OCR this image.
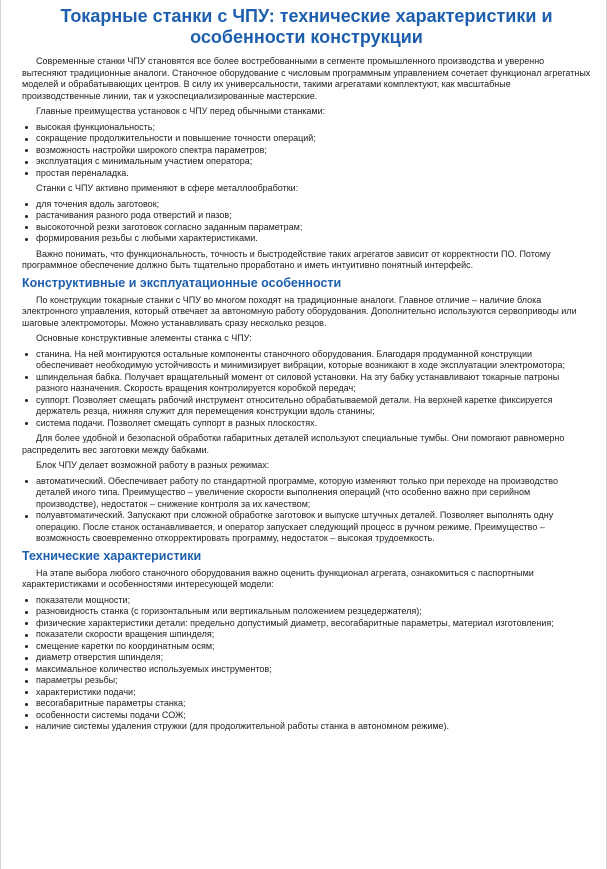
Токарные станки с ЧПУ: технические характеристики и особенности конструкции

Современные станки ЧПУ становятся все более востребованными в сегменте промышленного производства и уверенно вытесняют традиционные аналоги. Станочное оборудование с числовым программным управлением сочетает функционал агрегатных моделей и обрабатывающих центров. В силу их универсальности, такими агрегатами комплектуют, как масштабные производственные линии, так и узкоспециализированные мастерские.

Главные преимущества установок с ЧПУ перед обычными станками:

высокая функциональность;
сокращение продолжительности и повышение точности операций;
возможность настройки широкого спектра параметров;
эксплуатация с минимальным участием оператора;
простая переналадка.

Станки с ЧПУ активно применяют в сфере металлообработки:

для точения вдоль заготовок;
растачивания разного рода отверстий и пазов;
высокоточной резки заготовок согласно заданным параметрам;
формирования резьбы с любыми характеристиками.

Важно понимать, что функциональность, точность и быстродействие таких агрегатов зависит от корректности ПО. Потому программное обеспечение должно быть тщательно проработано и иметь интуитивно понятный интерфейс.

Конструктивные и эксплуатационные особенности

По конструкции токарные станки с ЧПУ во многом походят на традиционные аналоги. Главное отличие – наличие блока электронного управления, который отвечает за автономную работу оборудования. Дополнительно используются сервоприводы или шаговые электромоторы. Можно устанавливать сразу несколько резцов.

Основные конструктивные элементы станка с ЧПУ:

станина. На ней монтируются остальные компоненты станочного оборудования. Благодаря продуманной конструкции обеспечивает необходимую устойчивость и минимизирует вибрации, которые возникают в ходе эксплуатации электромотора;
шпиндельная бабка. Получает вращательный момент от силовой установки. На эту бабку устанавливают токарные патроны разного назначения. Скорость вращения контролируется коробкой передач;
суппорт. Позволяет смещать рабочий инструмент относительно обрабатываемой детали. На верхней каретке фиксируется держатель резца, нижняя служит для перемещения конструкции вдоль станины;
система подачи. Позволяет смещать суппорт в разных плоскостях.

Для более удобной и безопасной обработки габаритных деталей используют специальные тумбы. Они помогают равномерно распределить вес заготовки между бабками.

Блок ЧПУ делает возможной работу в разных режимах:

автоматический. Обеспечивает работу по стандартной программе, которую изменяют только при переходе на производство деталей иного типа. Преимущество – увеличение скорости выполнения операций (что особенно важно при серийном производстве), недостаток – снижение контроля за их качеством;
полуавтоматический. Запускают при сложной обработке заготовок и выпуске штучных деталей. Позволяет выполнять одну операцию. После станок останавливается, и оператор запускает следующий процесс в ручном режиме. Преимущество – возможность своевременно откорректировать программу, недостаток – высокая трудоемкость.
Технические характеристики

На этапе выбора любого станочного оборудования важно оценить функционал агрегата, ознакомиться с паспортными характеристиками и особенностями интересующей модели:

показатели мощности;
разновидность станка (с горизонтальным или вертикальным положением резцедержателя);
физические характеристики детали: предельно допустимый диаметр, весогабаритные параметры, материал изготовления;
показатели скорости вращения шпинделя;
смещение каретки по координатным осям;
диаметр отверстия шпинделя;
максимальное количество используемых инструментов;
параметры резьбы;
характеристики подачи;
весогабаритные параметры станка;
особенности системы подачи СОЖ;
наличие системы удаления стружки (для продолжительной работы станка в автономном режиме).
